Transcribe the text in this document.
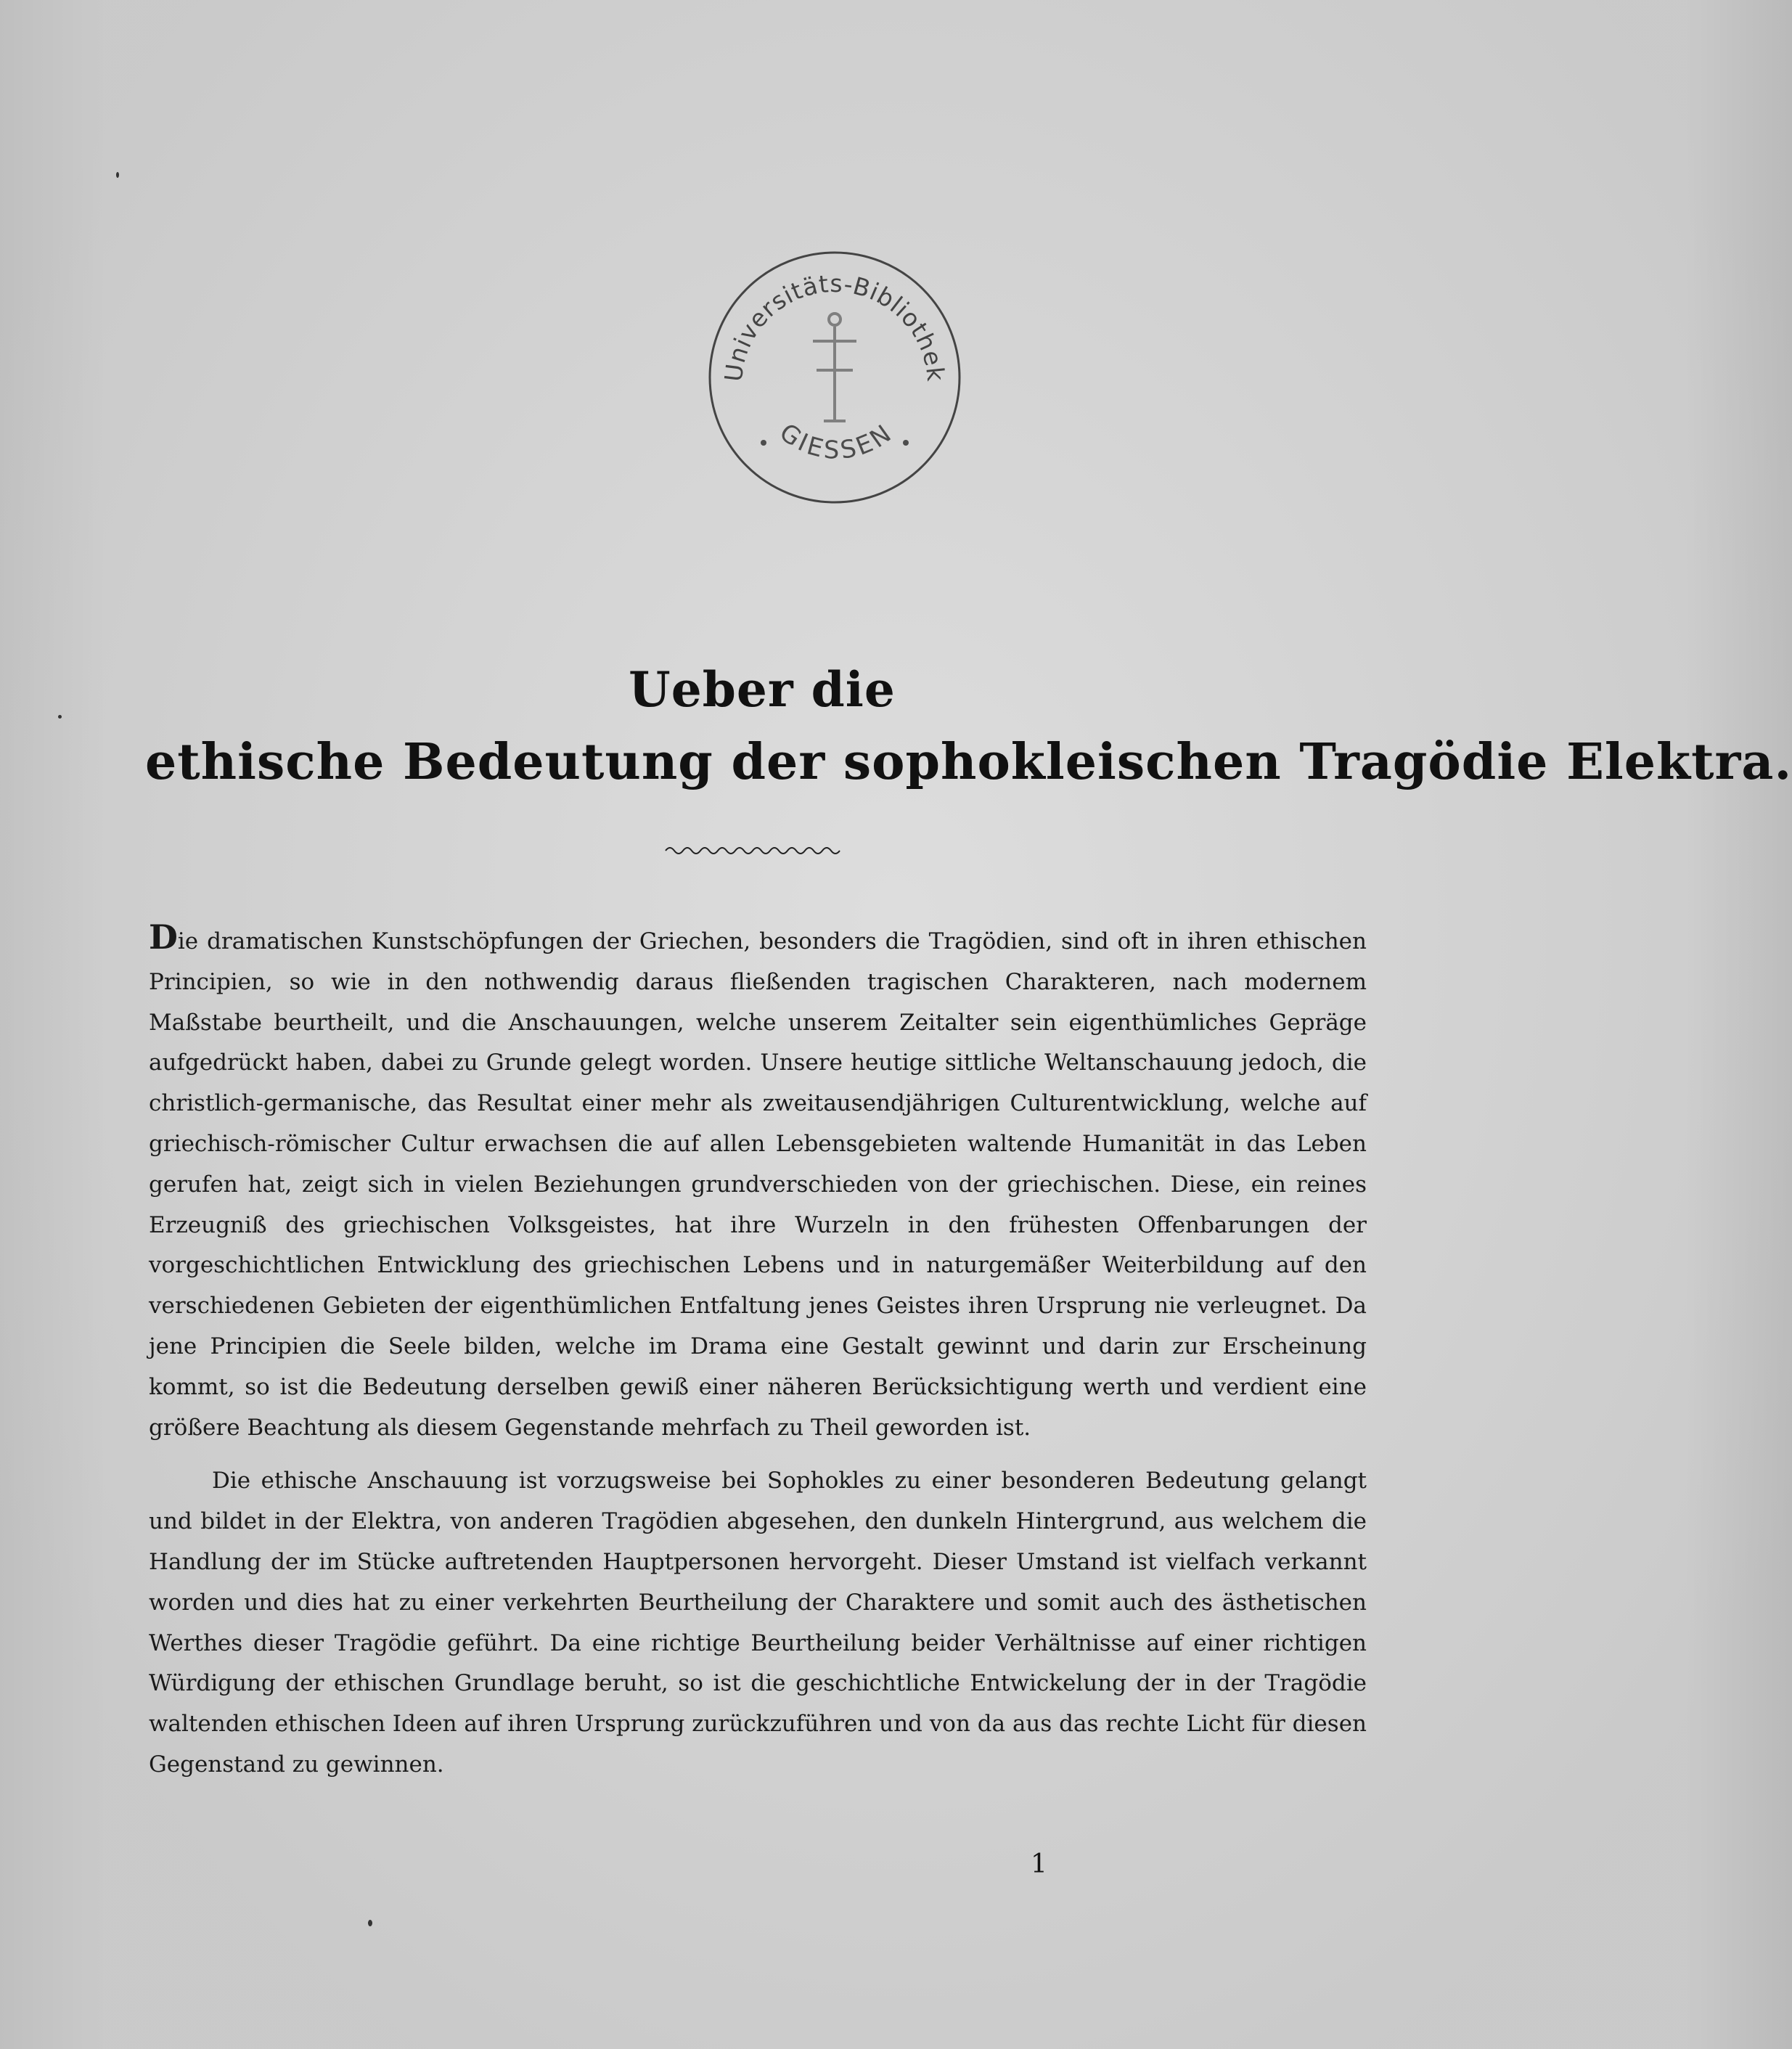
Universitäts-Bibliothek
GIESSEN
Ueber die
ethische Bedeutung der sophokleischen Tragödie Elektra.

Die dramatischen Kunstschöpfungen der Griechen, besonders die Tragödien, sind oft in ihren ethischen Principien, so wie in den nothwendig daraus fließenden tragischen Charakteren, nach modernem Maßstabe beurtheilt, und die Anschauungen, welche unserem Zeitalter sein eigenthümliches Gepräge aufgedrückt haben, dabei zu Grunde gelegt worden. Unsere heutige sittliche Weltanschauung jedoch, die christlich-germanische, das Resultat einer mehr als zweitausendjährigen Culturentwicklung, welche auf griechisch-römischer Cultur erwachsen die auf allen Lebensgebieten waltende Humanität in das Leben gerufen hat, zeigt sich in vielen Beziehungen grundverschieden von der griechischen. Diese, ein reines Erzeugniß des griechischen Volksgeistes, hat ihre Wurzeln in den frühesten Offenbarungen der vorgeschichtlichen Entwicklung des griechischen Lebens und in naturgemäßer Weiterbildung auf den verschiedenen Gebieten der eigenthümlichen Entfaltung jenes Geistes ihren Ursprung nie verleugnet. Da jene Principien die Seele bilden, welche im Drama eine Gestalt gewinnt und darin zur Erscheinung kommt, so ist die Bedeutung derselben gewiß einer näheren Berücksichtigung werth und verdient eine größere Beachtung als diesem Gegenstande mehrfach zu Theil geworden ist.

Die ethische Anschauung ist vorzugsweise bei Sophokles zu einer besonderen Bedeutung gelangt und bildet in der Elektra, von anderen Tragödien abgesehen, den dunkeln Hintergrund, aus welchem die Handlung der im Stücke auftretenden Hauptpersonen hervorgeht. Dieser Umstand ist vielfach verkannt worden und dies hat zu einer verkehrten Beurtheilung der Charaktere und somit auch des ästhetischen Werthes dieser Tragödie geführt. Da eine richtige Beurtheilung beider Verhältnisse auf einer richtigen Würdigung der ethischen Grundlage beruht, so ist die geschichtliche Entwickelung der in der Tragödie waltenden ethischen Ideen auf ihren Ursprung zurückzuführen und von da aus das rechte Licht für diesen Gegenstand zu gewinnen.

1
